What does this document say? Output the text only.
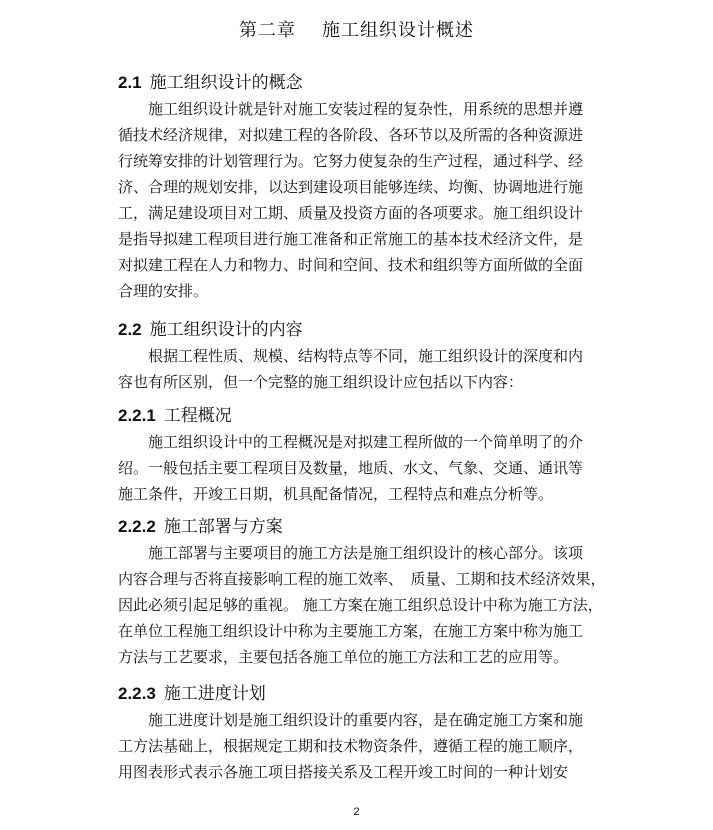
第二章 施工组织设计概述
2.1 施工组织设计的概念
施工组织设计就是针对施工安装过程的复杂性，用系统的思想并遵
循技术经济规律，对拟建工程的各阶段、各环节以及所需的各种资源进
行统筹安排的计划管理行为。它努力使复杂的生产过程，通过科学、经
济、合理的规划安排，以达到建设项目能够连续、均衡、协调地进行施
工，满足建设项目对工期、质量及投资方面的各项要求。施工组织设计
是指导拟建工程项目进行施工准备和正常施工的基本技术经济文件，是
对拟建工程在人力和物力、时间和空间、技术和组织等方面所做的全面
合理的安排。
2.2 施工组织设计的内容
根据工程性质、规模、结构特点等不同，施工组织设计的深度和内
容也有所区别，但一个完整的施工组织设计应包括以下内容：
2.2.1 工程概况
施工组织设计中的工程概况是对拟建工程所做的一个简单明了的介
绍。一般包括主要工程项目及数量，地质、水文、气象、交通、通讯等
施工条件，开竣工日期，机具配备情况，工程特点和难点分析等。
2.2.2 施工部署与方案
施工部署与主要项目的施工方法是施工组织设计的核心部分。该项
内容合理与否将直接影响工程的施工效率、　质量、工期和技术经济效果，
因此必须引起足够的重视。 施工方案在施工组织总设计中称为施工方法，
在单位工程施工组织设计中称为主要施工方案，在施工方案中称为施工
方法与工艺要求，主要包括各施工单位的施工方法和工艺的应用等。
2.2.3 施工进度计划
施工进度计划是施工组织设计的重要内容，是在确定施工方案和施
工方法基础上，根据规定工期和技术物资条件，遵循工程的施工顺序，
用图表形式表示各施工项目搭接关系及工程开竣工时间的一种计划安
2
